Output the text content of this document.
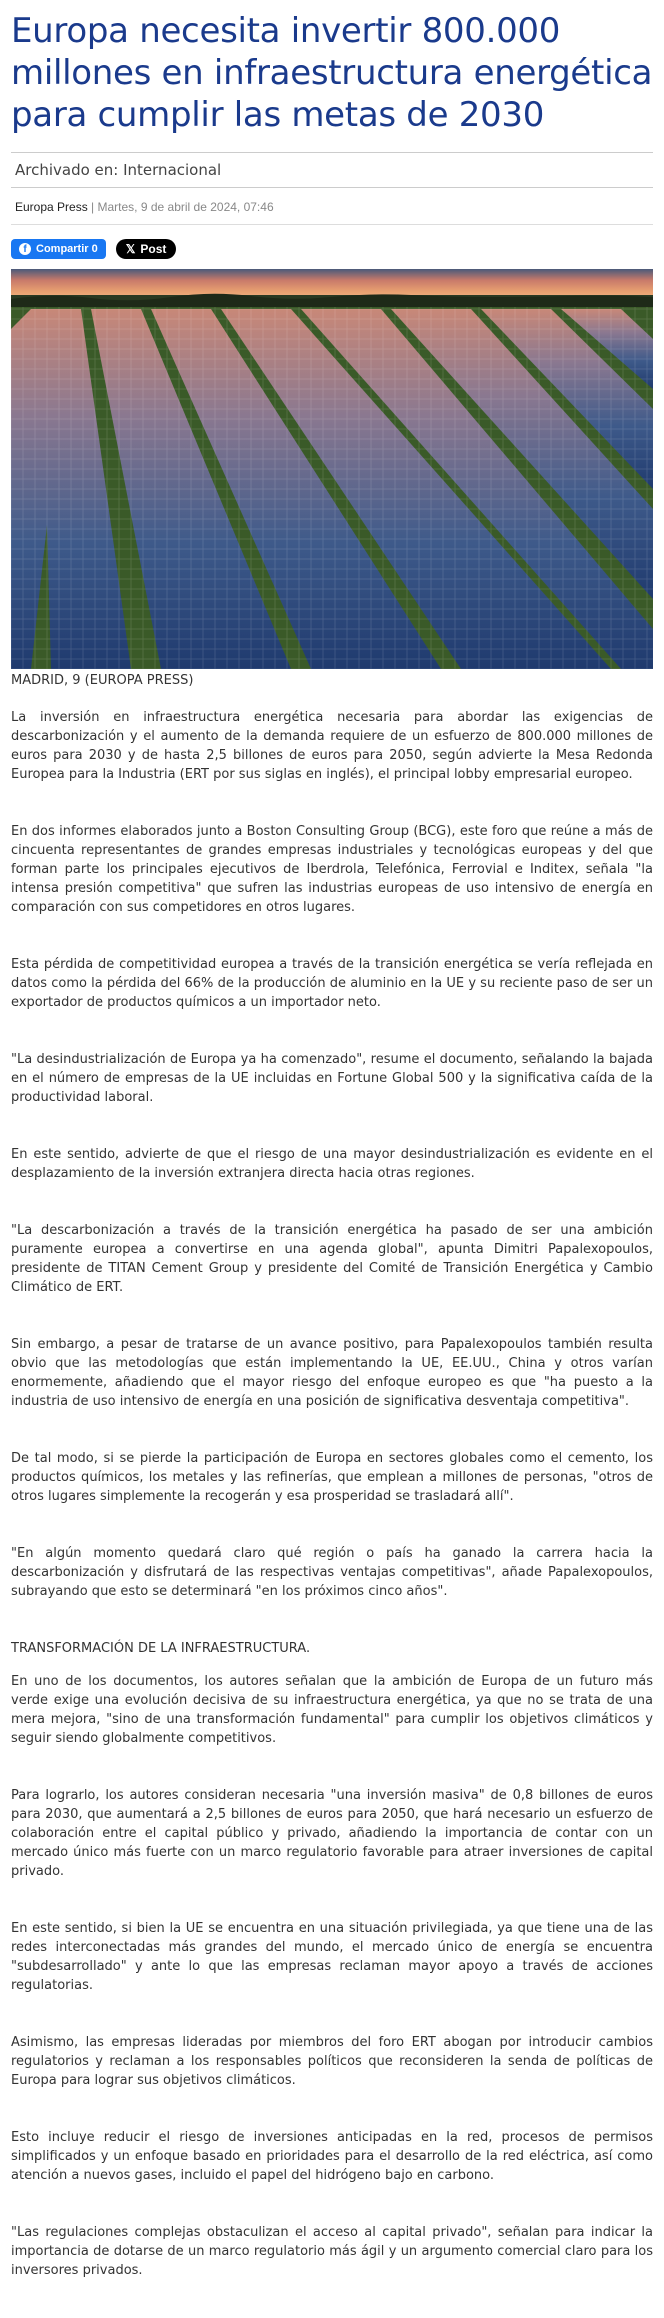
Europa necesita invertir 800.000 millones en infraestructura energética para cumplir las metas de 2030
Archivado en: Internacional
Europa Press | Martes, 9 de abril de 2024, 07:46
f Compartir 0 𝕏 Post
MADRID, 9 (EUROPA PRESS)

La inversión en infraestructura energética necesaria para abordar las exigencias de descarbonización y el aumento de la demanda requiere de un esfuerzo de 800.000 millones de euros para 2030 y de hasta 2,5 billones de euros para 2050, según advierte la Mesa Redonda Europea para la Industria (ERT por sus siglas en inglés), el principal lobby empresarial europeo.

En dos informes elaborados junto a Boston Consulting Group (BCG), este foro que reúne a más de cincuenta representantes de grandes empresas industriales y tecnológicas europeas y del que forman parte los principales ejecutivos de Iberdrola, Telefónica, Ferrovial e Inditex, señala "la intensa presión competitiva" que sufren las industrias europeas de uso intensivo de energía en comparación con sus competidores en otros lugares.

Esta pérdida de competitividad europea a través de la transición energética se vería reflejada en datos como la pérdida del 66% de la producción de aluminio en la UE y su reciente paso de ser un exportador de productos químicos a un importador neto.

"La desindustrialización de Europa ya ha comenzado", resume el documento, señalando la bajada en el número de empresas de la UE incluidas en Fortune Global 500 y la significativa caída de la productividad laboral.

En este sentido, advierte de que el riesgo de una mayor desindustrialización es evidente en el desplazamiento de la inversión extranjera directa hacia otras regiones.

"La descarbonización a través de la transición energética ha pasado de ser una ambición puramente europea a convertirse en una agenda global", apunta Dimitri Papalexopoulos, presidente de TITAN Cement Group y presidente del Comité de Transición Energética y Cambio Climático de ERT.

Sin embargo, a pesar de tratarse de un avance positivo, para Papalexopoulos también resulta obvio que las metodologías que están implementando la UE, EE.UU., China y otros varían enormemente, añadiendo que el mayor riesgo del enfoque europeo es que "ha puesto a la industria de uso intensivo de energía en una posición de significativa desventaja competitiva".

De tal modo, si se pierde la participación de Europa en sectores globales como el cemento, los productos químicos, los metales y las refinerías, que emplean a millones de personas, "otros de otros lugares simplemente la recogerán y esa prosperidad se trasladará allí".

"En algún momento quedará claro qué región o país ha ganado la carrera hacia la descarbonización y disfrutará de las respectivas ventajas competitivas", añade Papalexopoulos, subrayando que esto se determinará "en los próximos cinco años".

TRANSFORMACIÓN DE LA INFRAESTRUCTURA.

En uno de los documentos, los autores señalan que la ambición de Europa de un futuro más verde exige una evolución decisiva de su infraestructura energética, ya que no se trata de una mera mejora, "sino de una transformación fundamental" para cumplir los objetivos climáticos y seguir siendo globalmente competitivos.

Para lograrlo, los autores consideran necesaria "una inversión masiva" de 0,8 billones de euros para 2030, que aumentará a 2,5 billones de euros para 2050, que hará necesario un esfuerzo de colaboración entre el capital público y privado, añadiendo la importancia de contar con un mercado único más fuerte con un marco regulatorio favorable para atraer inversiones de capital privado.

En este sentido, si bien la UE se encuentra en una situación privilegiada, ya que tiene una de las redes interconectadas más grandes del mundo, el mercado único de energía se encuentra "subdesarrollado" y ante lo que las empresas reclaman mayor apoyo a través de acciones regulatorias.

Asimismo, las empresas lideradas por miembros del foro ERT abogan por introducir cambios regulatorios y reclaman a los responsables políticos que reconsideren la senda de políticas de Europa para lograr sus objetivos climáticos.

Esto incluye reducir el riesgo de inversiones anticipadas en la red, procesos de permisos simplificados y un enfoque basado en prioridades para el desarrollo de la red eléctrica, así como atención a nuevos gases, incluido el papel del hidrógeno bajo en carbono.

"Las regulaciones complejas obstaculizan el acceso al capital privado", señalan para indicar la importancia de dotarse de un marco regulatorio más ágil y un argumento comercial claro para los inversores privados.
